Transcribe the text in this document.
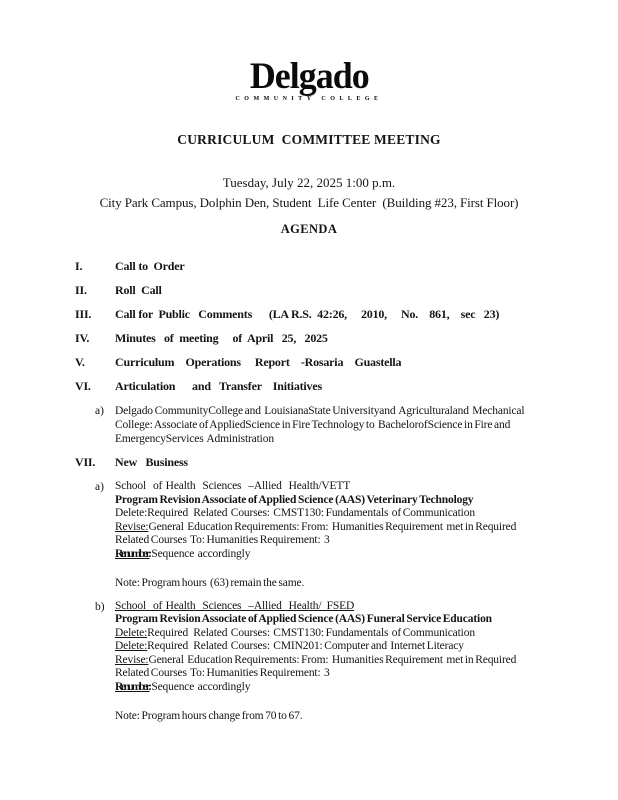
Delgado
COMMUNITY COLLEGE
CURRICULUM  COMMITTEE MEETING
Tuesday, July 22, 2025 1:00 p.m.
City Park Campus, Dolphin Den, Student  Life Center  (Building #23, First Floor)
AGENDA
I.	Call to  Order
II.	Roll  Call
III.	Call for  Public   Comments      (LA R.S.  42:26,     2010,     No.    861,    sec   23)
IV.	Minutes   of  meeting     of  April   25,   2025
V.	Curriculum    Operations     Report    -Rosaria    Guastella
VI.	Articulation      and   Transfer    Initiatives
a) Delgado CommunityCollege and  LouisianaState Universityand  Agriculturaland  Mechanical
College: Associate of AppliedScience in Fire Technology to  BachelorofScience in Fire and
EmergencyServices  Administration
VII.	New   Business
a) School    of  Health    Sciences    –Allied    Health/VETT
Program Revision Associate of Applied Science (AAS) Veterinary Technology
Delete:Required   Related  Courses:  CMST130: Fundamentals  of Communication
Revise:General  Education Requirements: From:  Humanities Requirement  met in Required
Related Courses  To: Humanities Requirement:  3
Renumber: Sequence  accordingly
Note: Program hours  (63) remain the same.
b) School    of  Health    Sciences    –Allied    Health/   FSED
Program Revision Associate of Applied Science (AAS) Funeral Service Education
Delete:Required   Related  Courses:  CMST130: Fundamentals  of Communication
Delete:Required   Related  Courses:  CMIN201: Computer and  Internet Literacy
Revise:General  Education Requirements: From:  Humanities Requirement  met in Required
Related Courses  To: Humanities Requirement:  3
Renumber: Sequence  accordingly
Note: Program hours change from 70 to 67.
